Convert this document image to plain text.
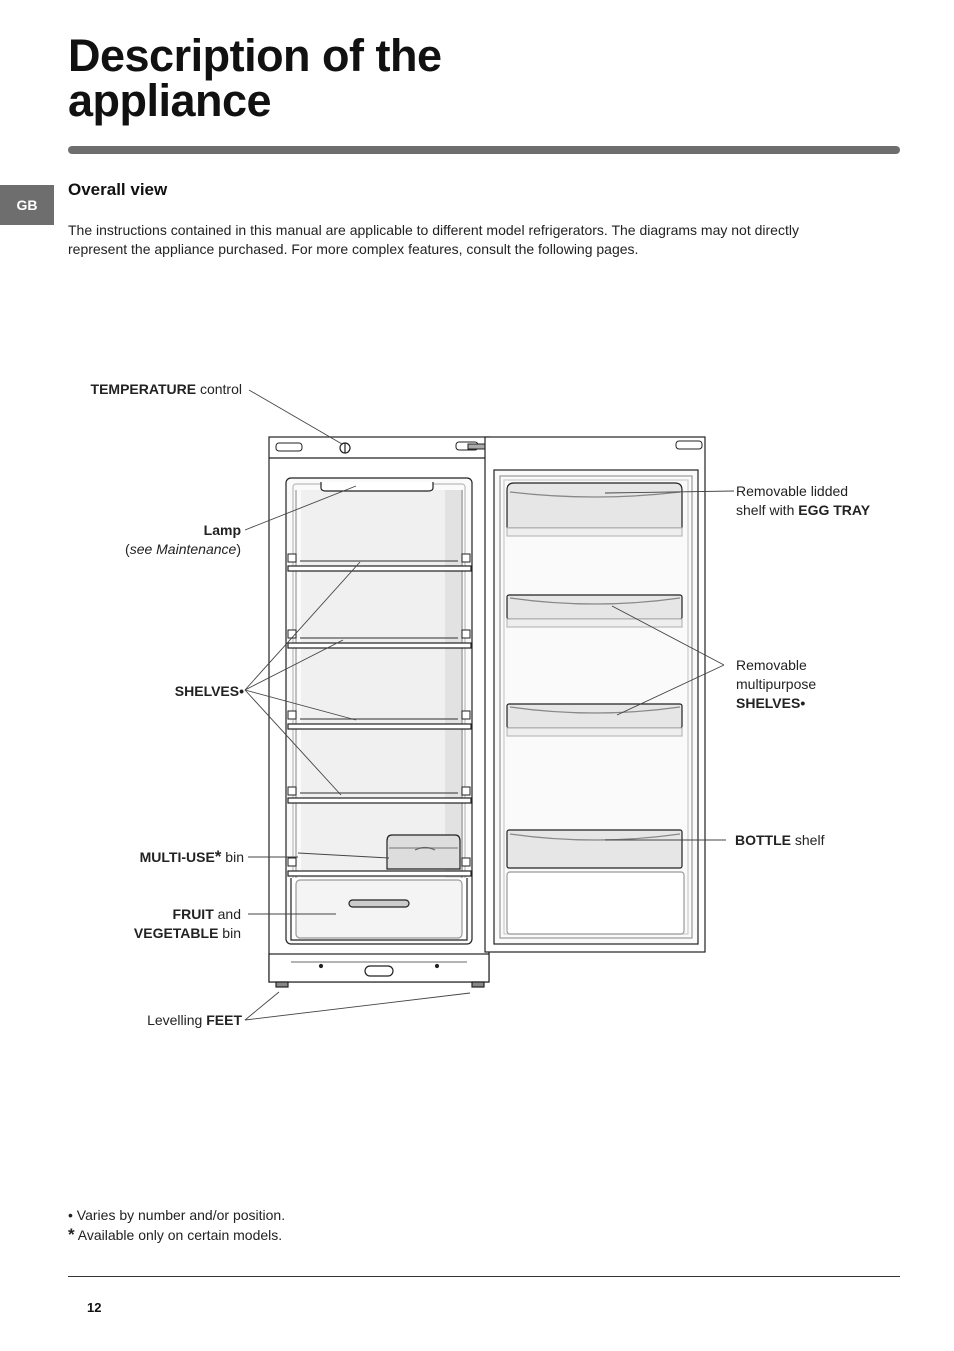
Description of the
appliance
GB
Overall view

The instructions contained in this manual are applicable to different model refrigerators. The diagrams may not directly represent the appliance purchased. For more complex features, consult the following pages.

TEMPERATURE control
Lamp
(see Maintenance)
SHELVES•
MULTI-USE* bin
FRUIT and
VEGETABLE bin
Levelling FEET
Removable lidded
shelf with EGG TRAY
Removable
multipurpose
SHELVES•
BOTTLE shelf
• Varies by number and/or position.
* Available only on certain models.
12
